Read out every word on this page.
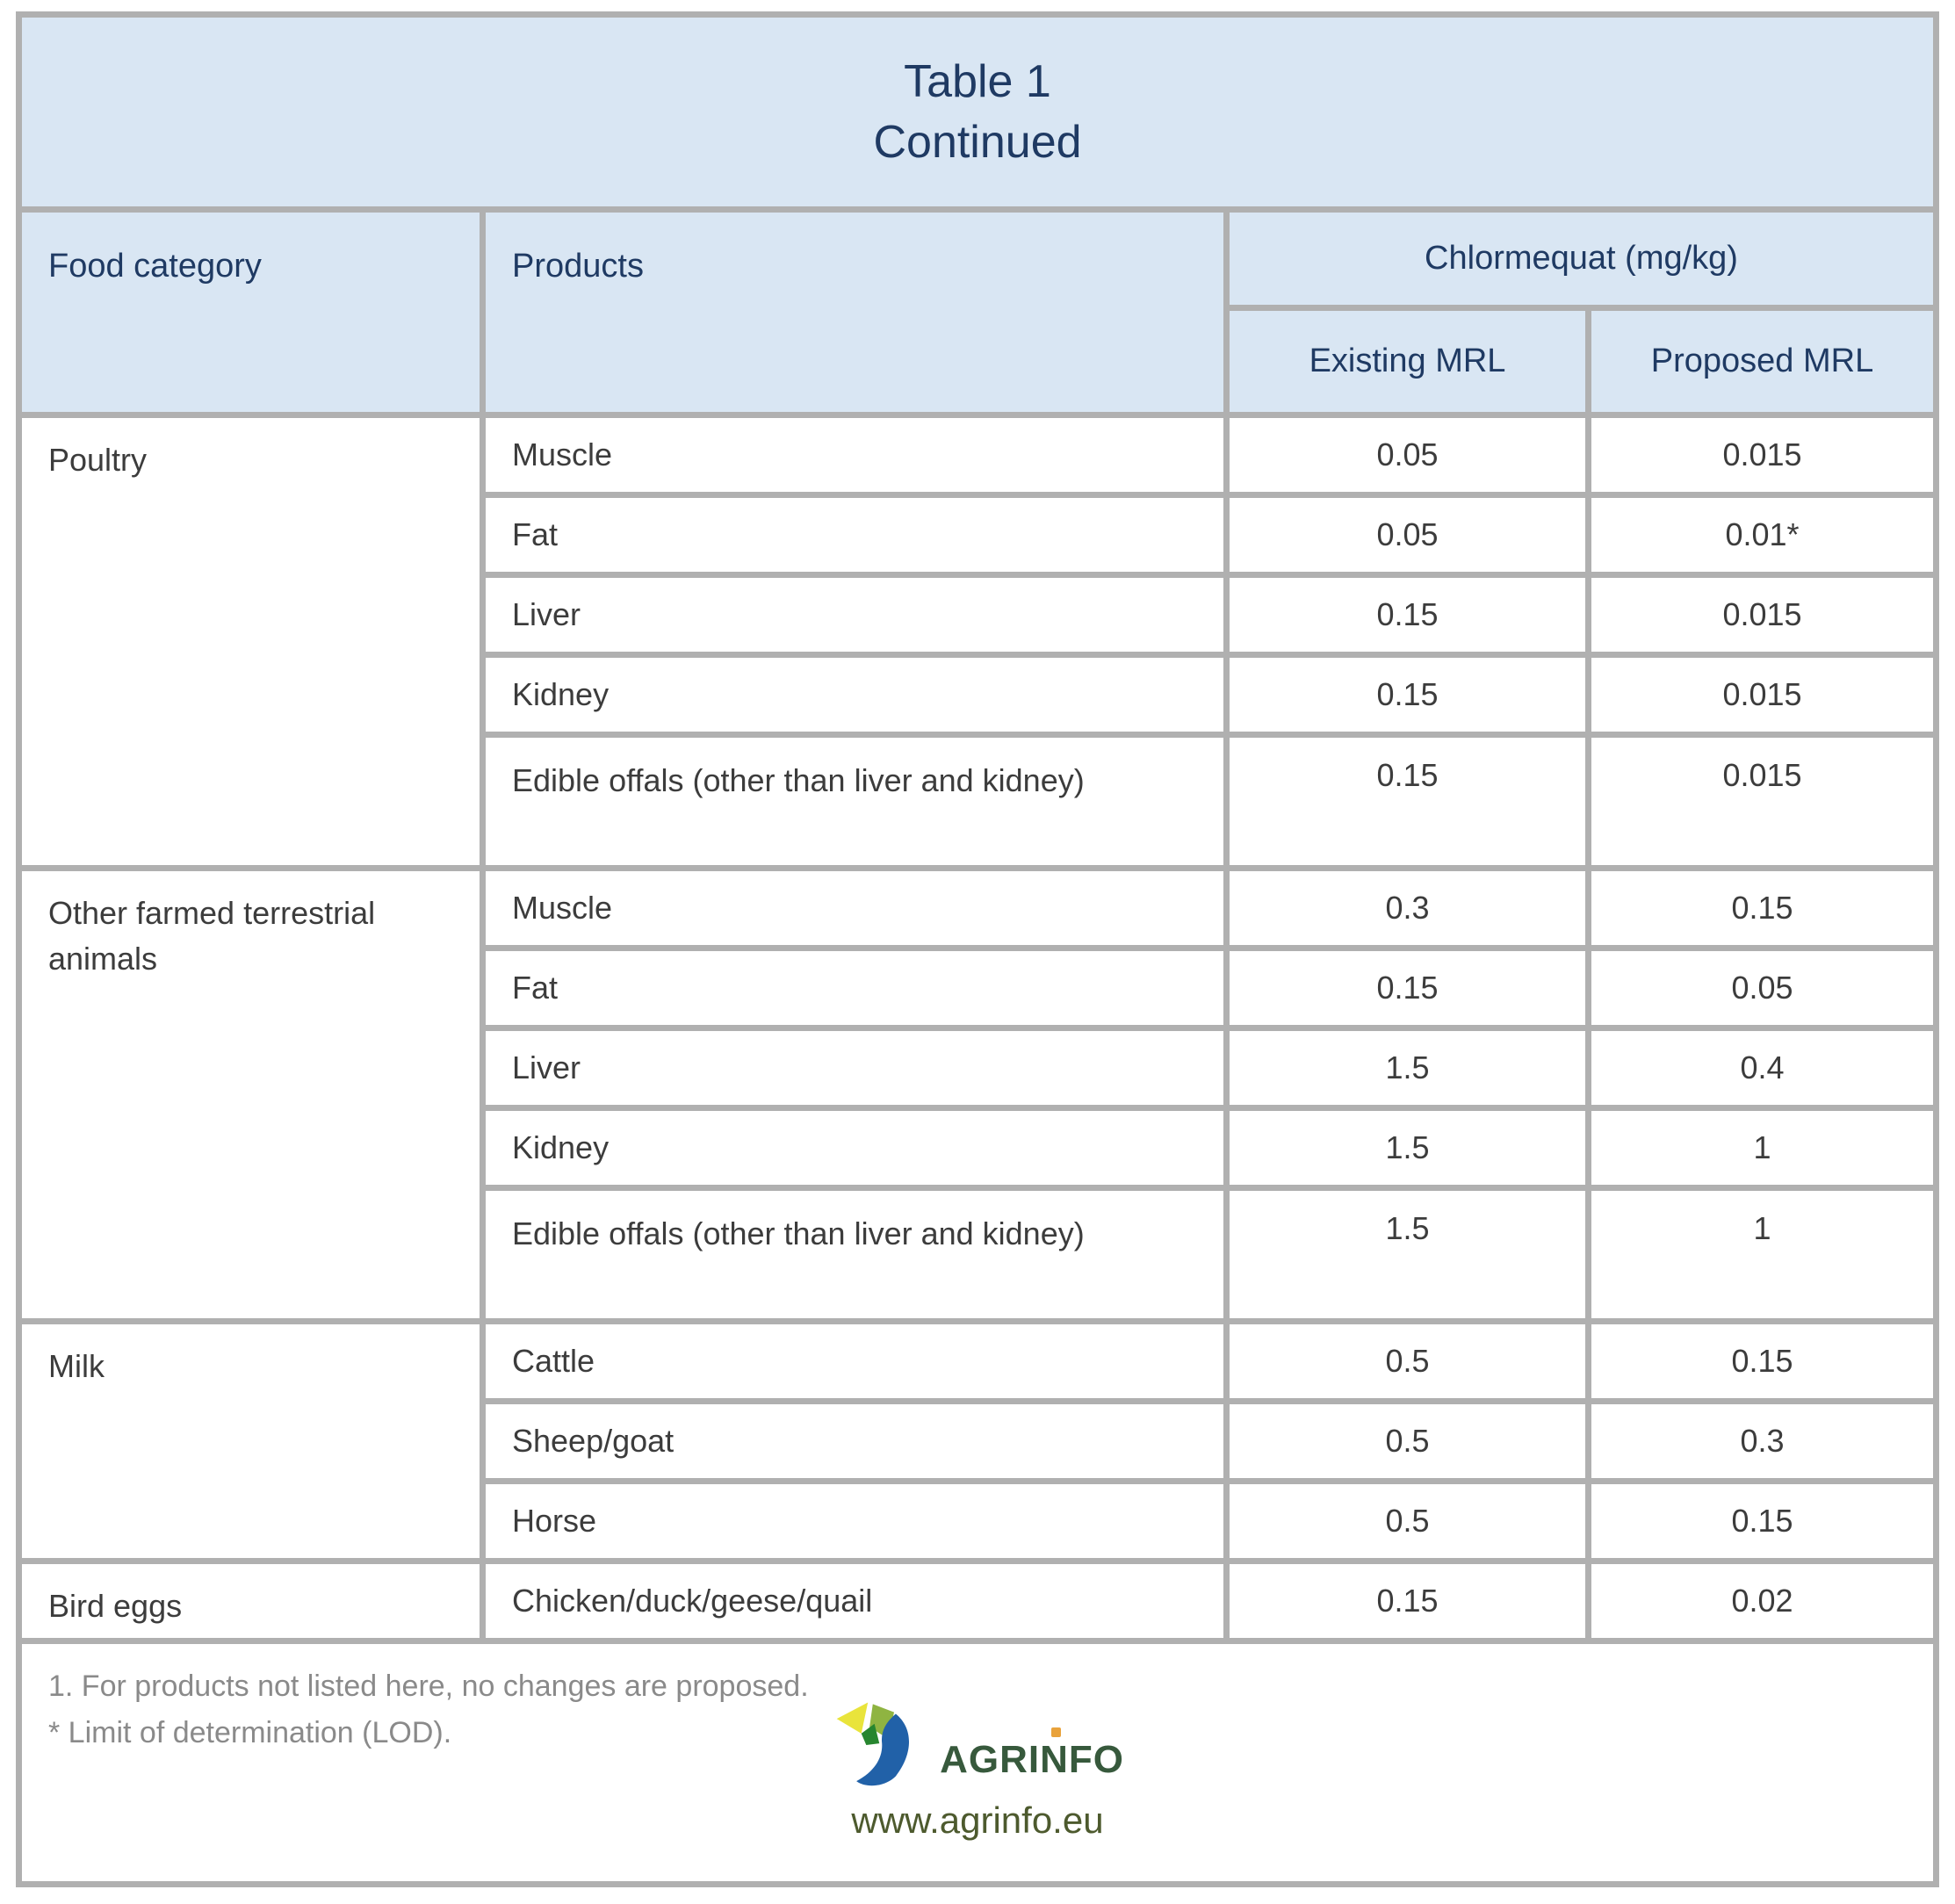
Table 1
Continued			

Food category	Products	Chlormequat (mg/kg)	
		Existing MRL	Proposed MRL
Poultry	Muscle	0.05	0.015
	Fat	0.05	0.01*
	Liver	0.15	0.015
	Kidney	0.15	0.015
	Edible offals (other than liver and kidney)	0.15	0.015
Other farmed terrestrial animals	Muscle	0.3	0.15
	Fat	0.15	0.05
	Liver	1.5	0.4
	Kidney	1.5	1
	Edible offals (other than liver and kidney)	1.5	1
Milk	Cattle	0.5	0.15
	Sheep/goat	0.5	0.3
	Horse	0.5	0.15
Bird eggs	Chicken/duck/geese/quail	0.15	0.02

1. For products not listed here, no changes are proposed.
* Limit of determination (LOD).
AGRINFO
www.agrinfo.eu			
